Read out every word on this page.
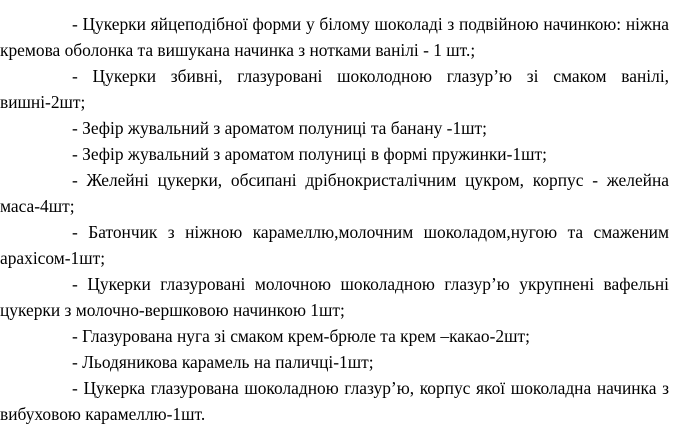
- Цукерки яйцеподібної форми у білому шоколаді з подвійною начинкою: ніжна кремова оболонка та вишукана начинка з нотками ванілі - 1 шт.;

- Цукерки збивні, глазуровані шоколодною глазур’ю зі смаком ванілі, вишні-2шт;

- Зефір жувальний з ароматом полуниці та банану -1шт;

- Зефір жувальний з ароматом полуниці в формі пружинки-1шт;

- Желейні цукерки, обсипані дрібнокристалічним цукром, корпус - желейна маса-4шт;

- Батончик з ніжною карамеллю,молочним шоколадом,нугою та смаженим арахісом-1шт;

- Цукерки глазуровані молочною шоколадною глазур’ю укрупнені вафельні цукерки з молочно-вершковою начинкою 1шт;

- Глазурована нуга зі смаком крем-брюле та крем –какао-2шт;

- Льодяникова карамель на паличці-1шт;

- Цукерка глазурована шоколадною глазур’ю, корпус якої шоколадна начинка з вибуховою карамеллю-1шт.
